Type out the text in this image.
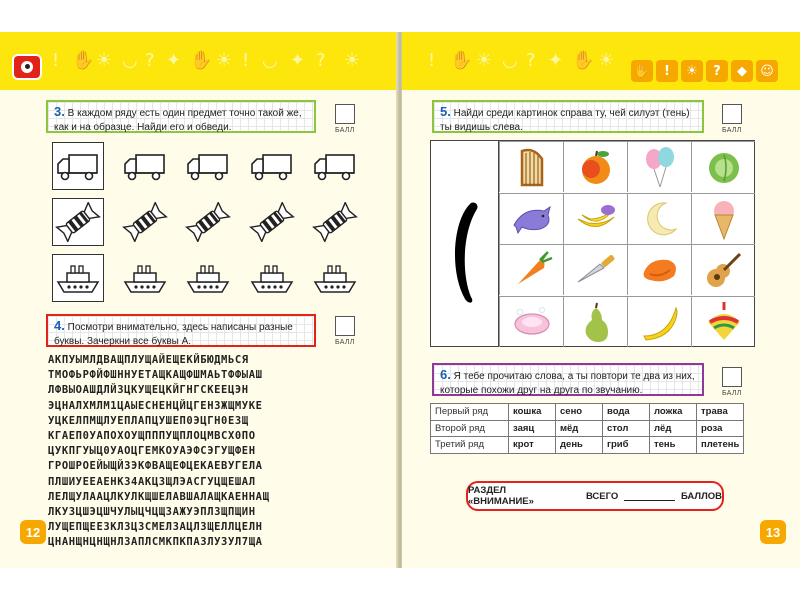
! ✋ ☀ ◡ ? ✦ ✋ ☀ ! ◡ ✦ ? ☀	! ✋ ☀ ◡ ? ✦ ✋ ☀ ✋	!	☀	?	◆	☺
3. В каждом ряду есть один предмет точно такой же, как и на образце. Найди его и обведи.	БАЛЛ
4. Посмотри внимательно, здесь написаны разные буквы. Зачеркни все буквы А.	БАЛЛ
АКПУЫМЛДВАЩПЛУЩАЙЕЩЕКЙБЮДМЬСЯ
ТМОФЬРФЙФШННУЕТАЩКАЩФШМАЬТФФЫАШ
ЛФВЫОАШДЛЙЗЦКУЩЕЦКЙГНГСКЕЕЦЭН
ЭЦНАЛХМЛМ1ЦАЫЕСНЕНЦЙЦГЕНЗЖЩМУКЕ
УЦКЕЛПМЩЛУЕПЛАПЦУШЕП0ЭЦГН0ЕЗЩ
КГАЕП0УАПОХОУЩПППУЩПЛОЦМВСХ0ПО
ЦУКПГУЫЦ0УАОЦГЕМКОУАЭФСЭГУЩФЕН
ГРОШРОЕЙЫЩЙЗЭКФВАЩЕФЦЕКАЕВУГЕЛА
ПЛШИУЕЕАЕНКЗ4АКЦЗЩЛЭАСГУЦЩЕШАЛ
ЛЕЛЩУЛААЦЛКУЛКЩШЕЛАВШАЛАЩКАЕННАЩ
ЛКУЗЦШЭЦШЧУЛЫЦЧЦЩЗАЖУЭПЛЗЩПЩИН
ЛУЩЕПЩЕЕЗКЛЗЦЗСМЕЛЗАЦЛЗЩЕЛЛЦЕЛН
ЦНАНЩНЦНЩНЛЗАПЛСМКПКПАЗЛУЗУЛ7ЩА
12
5. Найди среди картинок справа ту, чей силуэт (тень) ты видишь слева.	БАЛЛ
6. Я тебе прочитаю слова, а ты повтори те два из них, которые похожи друг на друга по звучанию.	БАЛЛ
Первый ряд	кошка	сено	вода	ложка	трава
Второй ряд	заяц	мёд	стол	лёд	роза
Третий ряд	крот	день	гриб	тень	плетень
РАЗДЕЛ «ВНИМАНИЕ»	ВСЕГО	БАЛЛОВ
13
